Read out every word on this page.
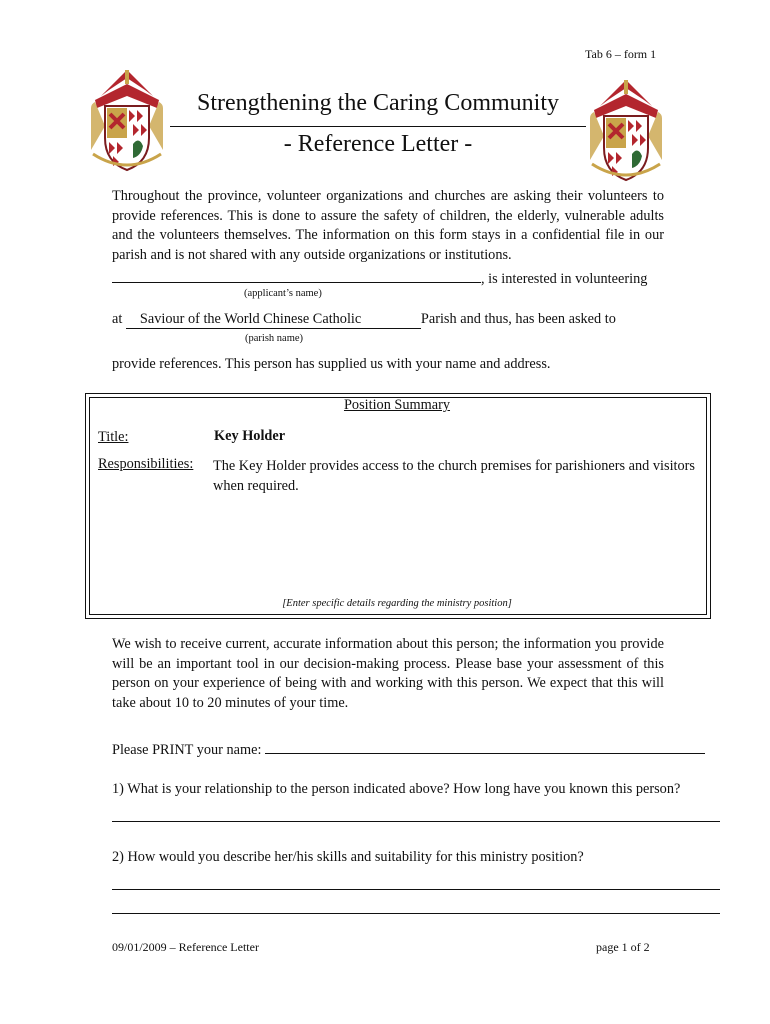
Tab 6 – form 1
Strengthening the Caring Community
- Reference Letter -
Throughout the province, volunteer organizations and churches are asking their volunteers to provide references. This is done to assure the safety of children, the elderly, vulnerable adults and the volunteers themselves. The information on this form stays in a confidential file in our parish and is not shared with any outside organizations or institutions.
, is interested in volunteering
(applicant’s name)
at Saviour of the World Chinese Catholic	Parish and thus, has been asked to
(parish name)
provide references. This person has supplied us with your name and address.
Position Summary
Title:	Key Holder
Responsibilities: The Key Holder provides access to the church premises for parishioners and visitors when required.
[Enter specific details regarding the ministry position]
We wish to receive current, accurate information about this person; the information you provide will be an important tool in our decision-making process. Please base your assessment of this person on your experience of being with and working with this person. We expect that this will take about 10 to 20 minutes of your time.
Please PRINT your name:
1) What is your relationship to the person indicated above? How long have you known this person?
2) How would you describe her/his skills and suitability for this ministry position?
09/01/2009 – Reference Letter	page 1 of 2
